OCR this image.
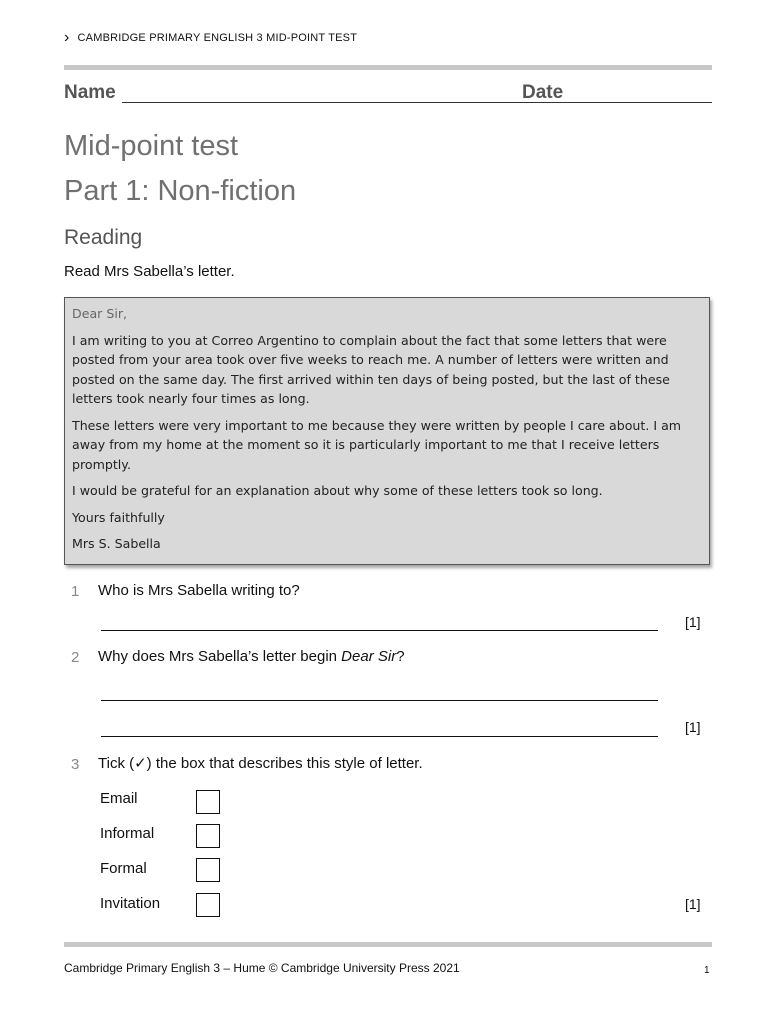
› CAMBRIDGE PRIMARY ENGLISH 3 MID-POINT TEST
Name	Date
Mid-point test
Part 1: Non-fiction
Reading
Read Mrs Sabella’s letter.

Dear Sir,

I am writing to you at Correo Argentino to complain about the fact that some letters that were posted from your area took over five weeks to reach me. A number of letters were written and posted on the same day. The first arrived within ten days of being posted, but the last of these letters took nearly four times as long.

These letters were very important to me because they were written by people I care about. I am away from my home at the moment so it is particularly important to me that I receive letters promptly.

I would be grateful for an explanation about why some of these letters took so long.

Yours faithfully

Mrs S. Sabella

1 Who is Mrs Sabella writing to?
[1]
2 Why does Mrs Sabella’s letter begin Dear Sir?
[1]
3 Tick (✓) the box that describes this style of letter.
Email
Informal
Formal
Invitation	[1]
Cambridge Primary English 3 – Hume © Cambridge University Press 2021	1
